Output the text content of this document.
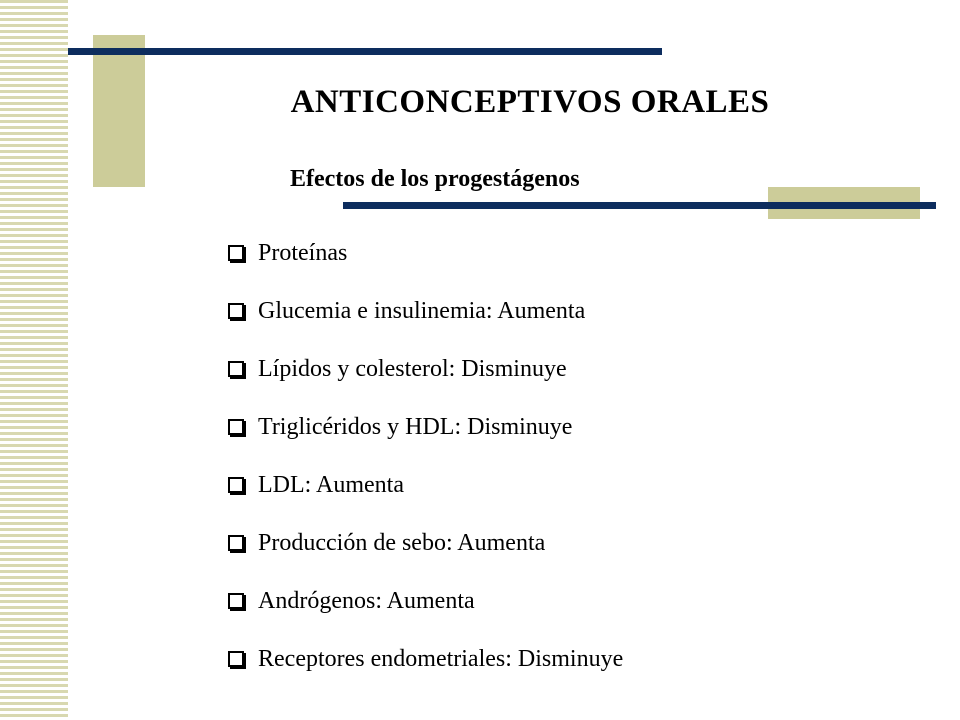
ANTICONCEPTIVOS ORALES
Efectos de los progestágenos
Proteínas
Glucemia e insulinemia: Aumenta
Lípidos y colesterol: Disminuye
Triglicéridos y HDL: Disminuye
LDL: Aumenta
Producción de sebo: Aumenta
Andrógenos: Aumenta
Receptores endometriales: Disminuye
